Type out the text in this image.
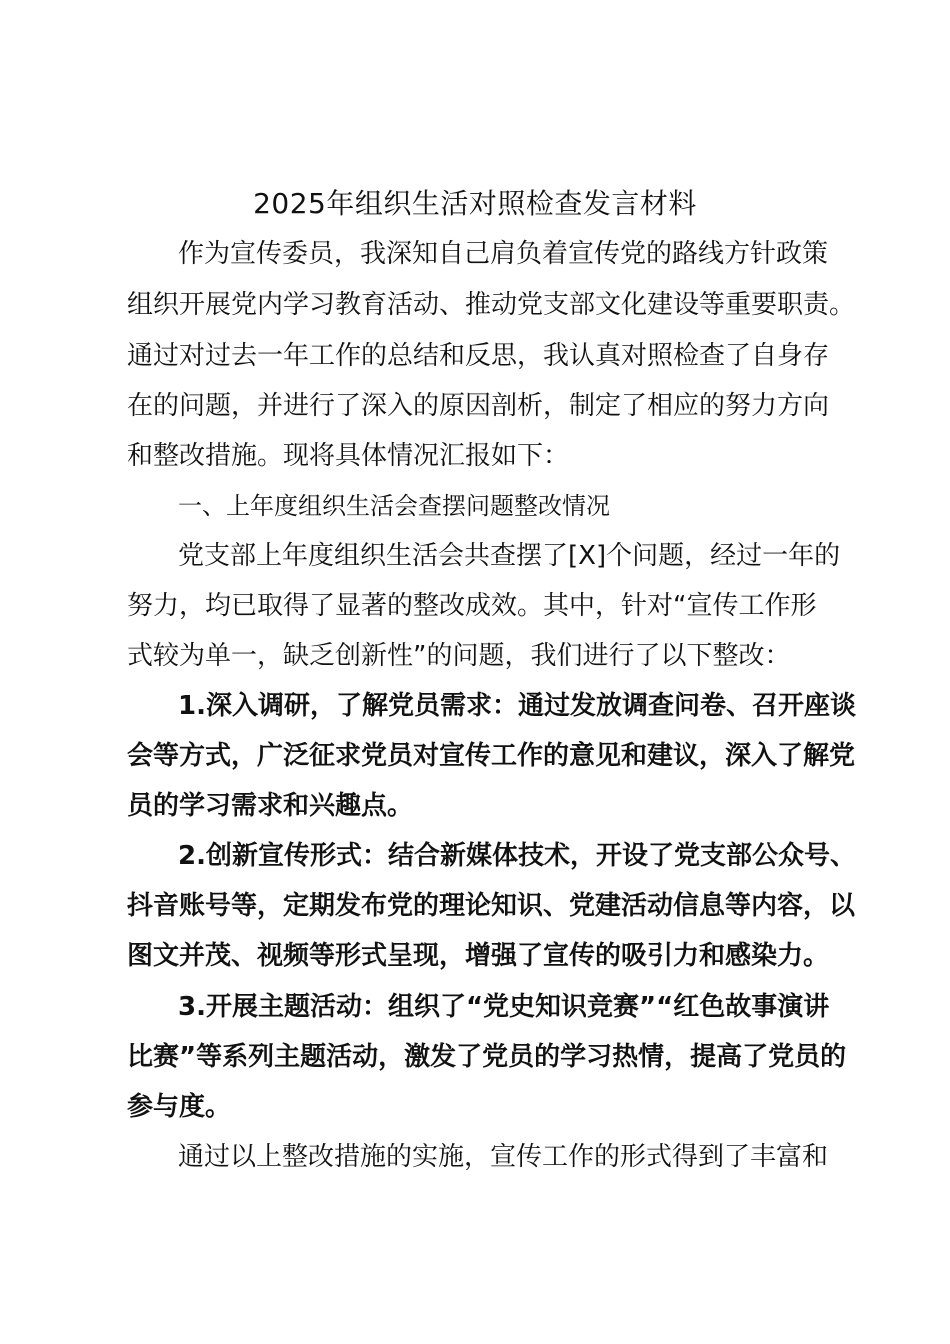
2025年组织生活对照检查发言材料
作为宣传委员，我深知自己肩负着宣传党的路线方针政策
组织开展党内学习教育活动、推动党支部文化建设等重要职责。
通过对过去一年工作的总结和反思，我认真对照检查了自身存
在的问题，并进行了深入的原因剖析，制定了相应的努力方向
和整改措施。现将具体情况汇报如下：
一、上年度组织生活会查摆问题整改情况
党支部上年度组织生活会共查摆了[X]个问题，经过一年的
努力，均已取得了显著的整改成效。其中，针对“宣传工作形
式较为单一，缺乏创新性”的问题，我们进行了以下整改：
1.深入调研，了解党员需求：通过发放调查问卷、召开座谈
会等方式，广泛征求党员对宣传工作的意见和建议，深入了解党
员的学习需求和兴趣点。
2.创新宣传形式：结合新媒体技术，开设了党支部公众号、
抖音账号等，定期发布党的理论知识、党建活动信息等内容，以
图文并茂、视频等形式呈现，增强了宣传的吸引力和感染力。
3.开展主题活动：组织了“党史知识竞赛”“红色故事演讲
比赛”等系列主题活动，激发了党员的学习热情，提高了党员的
参与度。
通过以上整改措施的实施，宣传工作的形式得到了丰富和
